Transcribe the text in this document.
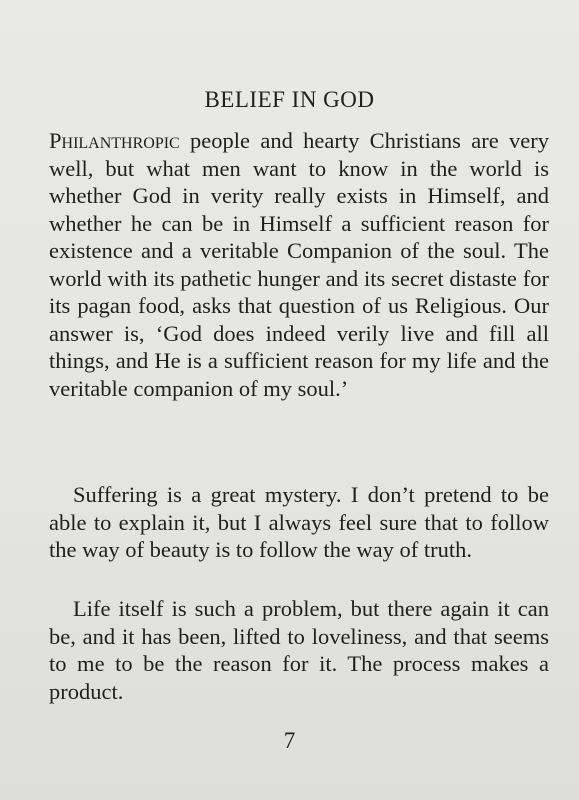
BELIEF IN GOD

Philanthropic people and hearty Christians are very well, but what men want to know in the world is whether God in verity really exists in Himself, and whether he can be in Himself a sufficient reason for existence and a veritable Companion of the soul. The world with its pathetic hunger and its secret distaste for its pagan food, asks that question of us Religious. Our answer is, ‘God does indeed verily live and fill all things, and He is a sufficient reason for my life and the veritable companion of my soul.’

Suffering is a great mystery. I don’t pretend to be able to explain it, but I always feel sure that to follow the way of beauty is to follow the way of truth.

Life itself is such a problem, but there again it can be, and it has been, lifted to loveliness, and that seems to me to be the reason for it. The process makes a product.

7
